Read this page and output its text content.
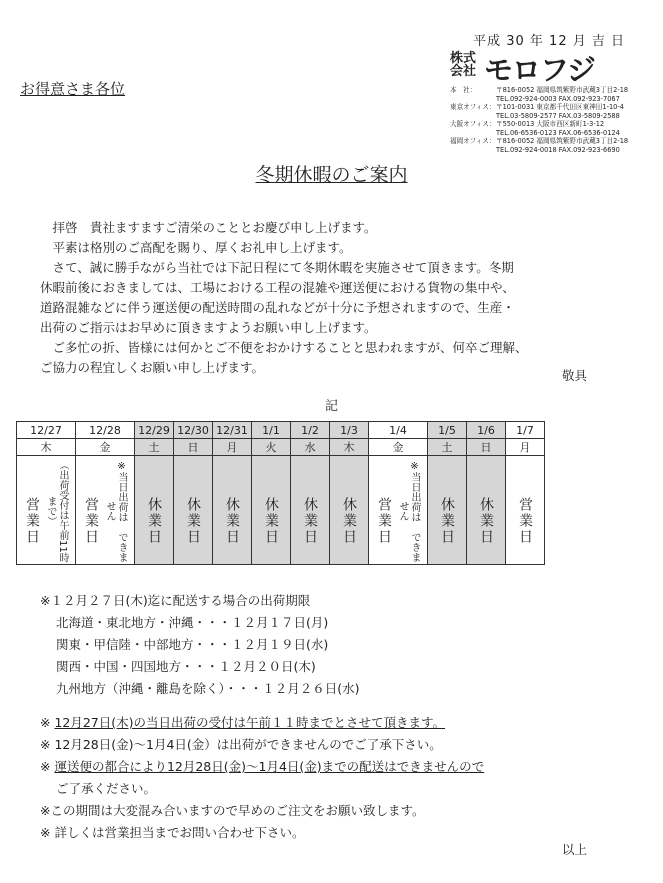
平成 30 年 12 月 吉 日
お得意さま各位
株式会社 モロフジ
本　社：	〒816-0052 福岡県筑紫野市武蔵3丁目2-18
TEL.092-924-0003 FAX.092-923-7067
東京オフィス： 〒101-0031 東京都千代田区東神田1-10-4
TEL.03-5809-2577 FAX.03-5809-2588
大阪オフィス： 〒550-0013 大阪市西区新町1-3-12
TEL.06-6536-0123 FAX.06-6536-0124
福岡オフィス： 〒816-0052 福岡県筑紫野市武蔵3丁目2-18
TEL.092-924-0018 FAX.092-923-6690
冬期休暇のご案内

　拝啓　貴社ますますご清栄のこととお慶び申し上げます。

　平素は格別のご高配を賜り、厚くお礼申し上げます。

　さて、誠に勝手ながら当社では下記日程にて冬期休暇を実施させて頂きます。冬期

休暇前後におきましては、工場における工程の混雑や運送便における貨物の集中や、

道路混雑などに伴う運送便の配送時間の乱れなどが十分に予想されますので、生産・

出荷のご指示はお早めに頂きますようお願い申し上げます。

　ご多忙の折、皆様には何かとご不便をおかけすることと思われますが、何卒ご理解、

ご協力の程宜しくお願い申し上げます。

敬具
記
12/27	12/28	12/29	12/30	12/31	1/1	1/2	1/3	1/4	1/5	1/6	1/7
木	金	土	日	月	火	水	木	金	土	日	月

営業日 （出荷受付は午前11時まで）	営業日 ※当日出荷は　できません	休業日	休業日	休業日	休業日	休業日	休業日	営業日 ※当日出荷は　できません	休業日	休業日	営業日
※１２月２７日(木)迄に配送する場合の出荷期限
北海道・東北地方・沖縄・・・１２月１７日(月)
関東・甲信陸・中部地方・・・１２月１９日(水)
関西・中国・四国地方・・・１２月２０日(木)
九州地方（沖縄・離島を除く）・・・１２月２６日(水)
※ 12月27日(木)の当日出荷の受付は午前１１時までとさせて頂きます。
※ 12月28日(金)～1月4日(金）は出荷ができませんのでご了承下さい。
※ 運送便の都合により12月28日(金)～1月4日(金)までの配送はできませんので
ご了承ください。
※この期間は大変混み合いますので早めのご注文をお願い致します。
※ 詳しくは営業担当までお問い合わせ下さい。
以上
